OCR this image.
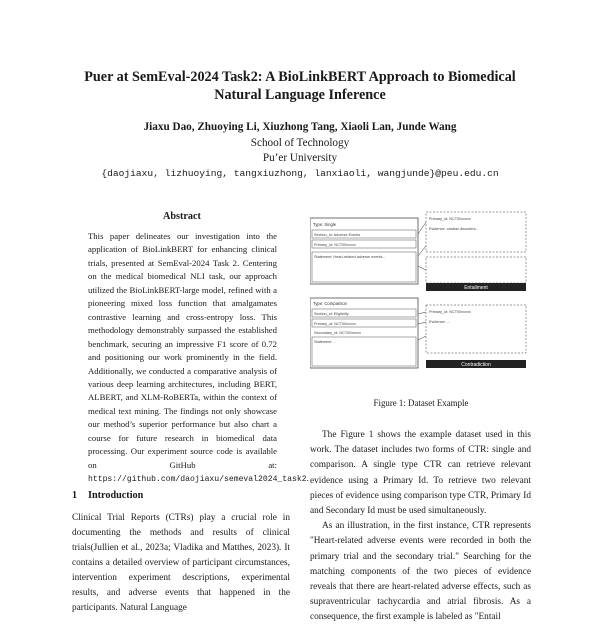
Puer at SemEval-2024 Task2: A BioLinkBERT Approach to Biomedical
Natural Language Inference
Jiaxu Dao, Zhuoying Li, Xiuzhong Tang, Xiaoli Lan, Junde Wang
School of Technology
Pu’er University
{daojiaxu, lizhuoying, tangxiuzhong, lanxiaoli, wangjunde}@peu.edu.cn
Abstract
This paper delineates our investigation into the application of BioLinkBERT for enhancing clinical trials, presented at SemEval-2024 Task 2. Centering on the medical biomedical NLI task, our approach utilized the BioLinkBERT-large model, refined with a pioneering mixed loss function that amalgamates contrastive learning and cross-entropy loss. This methodology demonstrably surpassed the established benchmark, securing an impressive F1 score of 0.72 and positioning our work prominently in the field. Additionally, we conducted a comparative analysis of various deep learning architectures, including BERT, ALBERT, and XLM-RoBERTa, within the context of medical text mining. The findings not only showcase our method’s superior performance but also chart a course for future research in biomedical data processing. Our experiment source code is available on GitHub at: https://github.com/daojiaxu/semeval2024_task2.
1 Introduction
Clinical Trial Reports (CTRs) play a crucial role in documenting the methods and results of clinical trials(Jullien et al., 2023a; Vladika and Matthes, 2023). It contains a detailed overview of participant circumstances, intervention experiment descriptions, experimental results, and adverse events that happened in the participants. Natural Language
Type: Single
Section_id: Adverse Events
Primary_id: NCT00xxxxx
Statement: Heart-related adverse events...
Primary_id: NCT00xxxxx
Evidence: cardiac disorders...
Entailment
Type: Comparison
Section_id: Eligibility
Primary_id: NCT00xxxxx
Secondary_id: NCT00xxxxx
Statement: ...
Primary_id: NCT00xxxxx
Evidence: ...
Contradiction
Figure 1: Dataset Example

The Figure 1 shows the example dataset used in this work. The dataset includes two forms of CTR: single and comparison. A single type CTR can retrieve relevant evidence using a Primary Id. To retrieve two relevant pieces of evidence using comparison type CTR, Primary Id and Secondary Id must be used simultaneously.

As an illustration, in the first instance, CTR represents "Heart-related adverse events were recorded in both the primary trial and the secondary trial." Searching for the matching components of the two pieces of evidence reveals that there are heart-related adverse effects, such as supraventricular tachycardia and atrial fibrosis. As a consequence, the first example is labeled as "Entail
